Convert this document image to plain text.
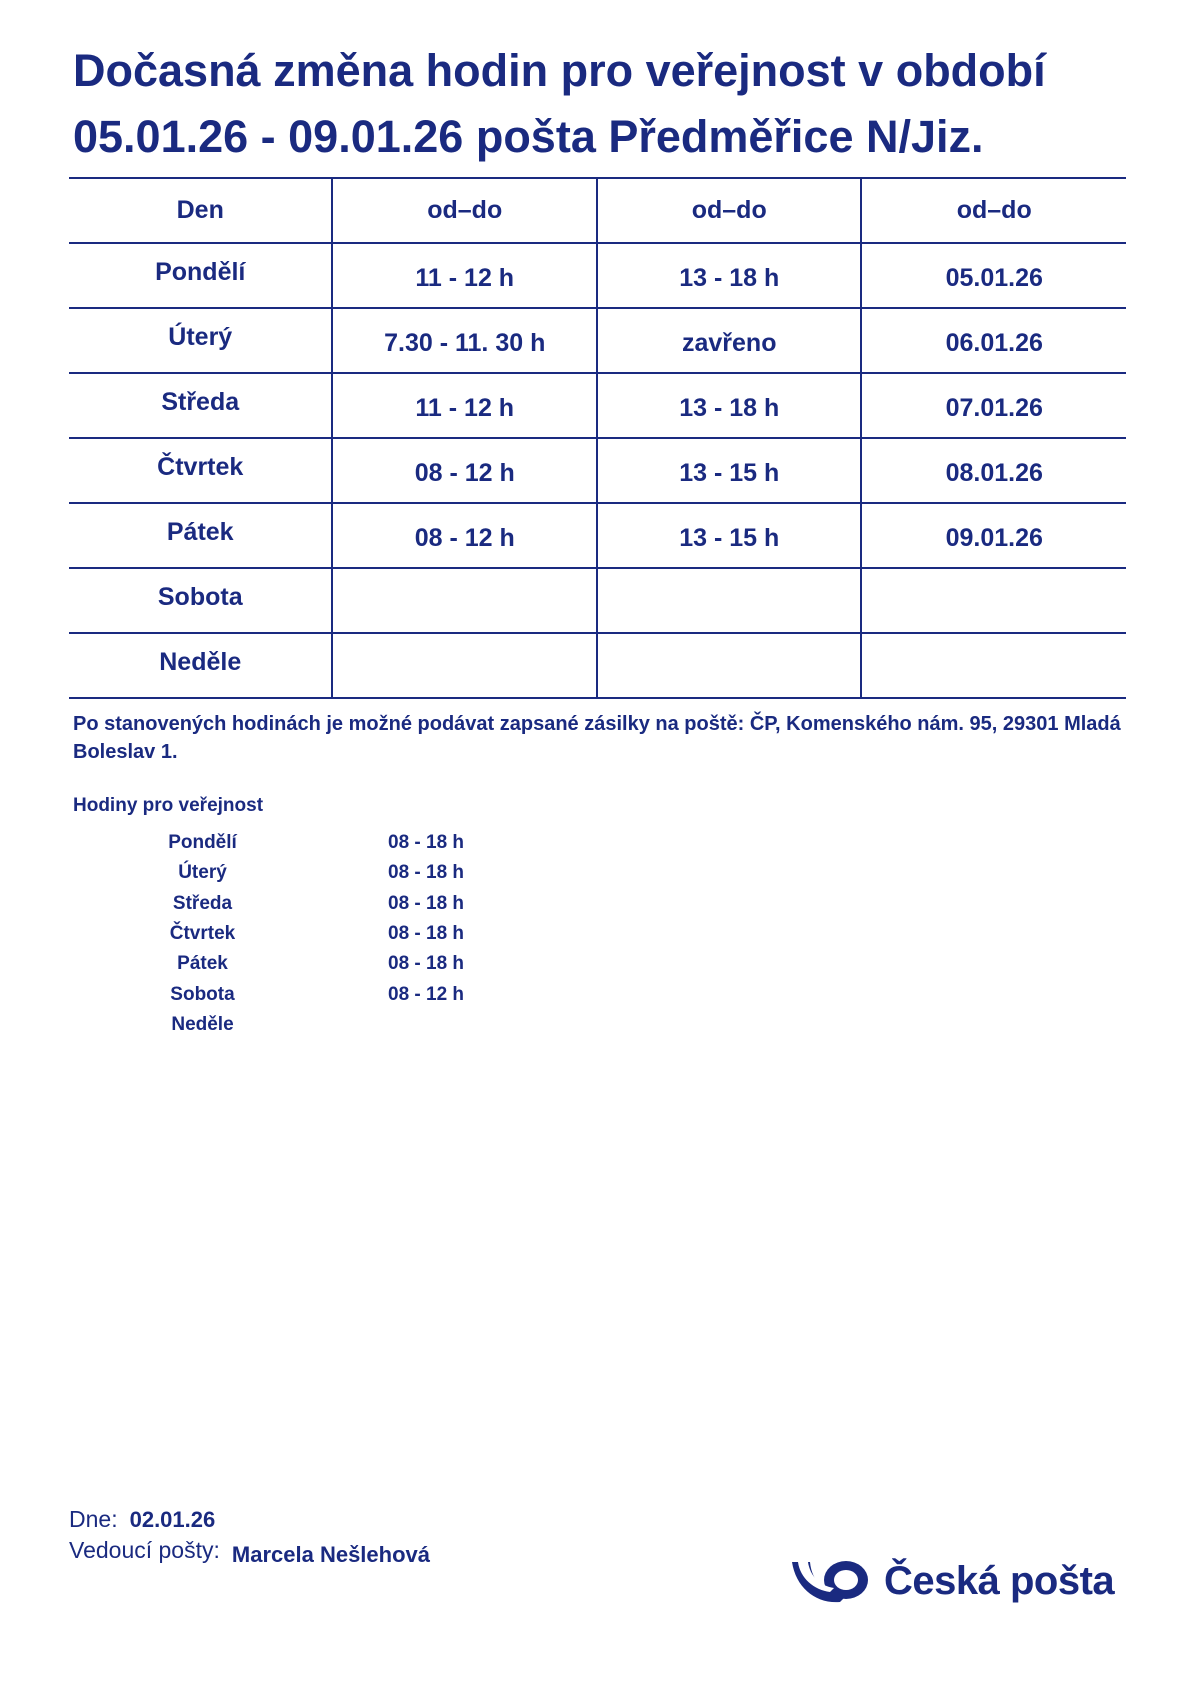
Dočasná změna hodin pro veřejnost v období 05.01.26 - 09.01.26 pošta Předměřice N/Jiz.
Den	od–do	od–do	od–do
Pondělí	11 - 12 h	13 - 18 h	05.01.26
Úterý	7.30 - 11. 30 h	zavřeno	06.01.26
Středa	11 - 12 h	13 - 18 h	07.01.26
Čtvrtek	08 - 12 h	13 - 15 h	08.01.26
Pátek	08 - 12 h	13 - 15 h	09.01.26
Sobota			
Neděle			

Po stanovených hodinách je možné podávat zapsané zásilky na poště: ČP, Komenského nám. 95, 29301 Mladá Boleslav 1.

Hodiny pro veřejnost
Pondělí	08 - 18 h
Úterý	08 - 18 h
Středa	08 - 18 h
Čtvrtek	08 - 18 h
Pátek	08 - 18 h
Sobota	08 - 12 h
Neděle
Dne: 02.01.26
Vedoucí pošty: Marcela Nešlehová
Česká pošta
